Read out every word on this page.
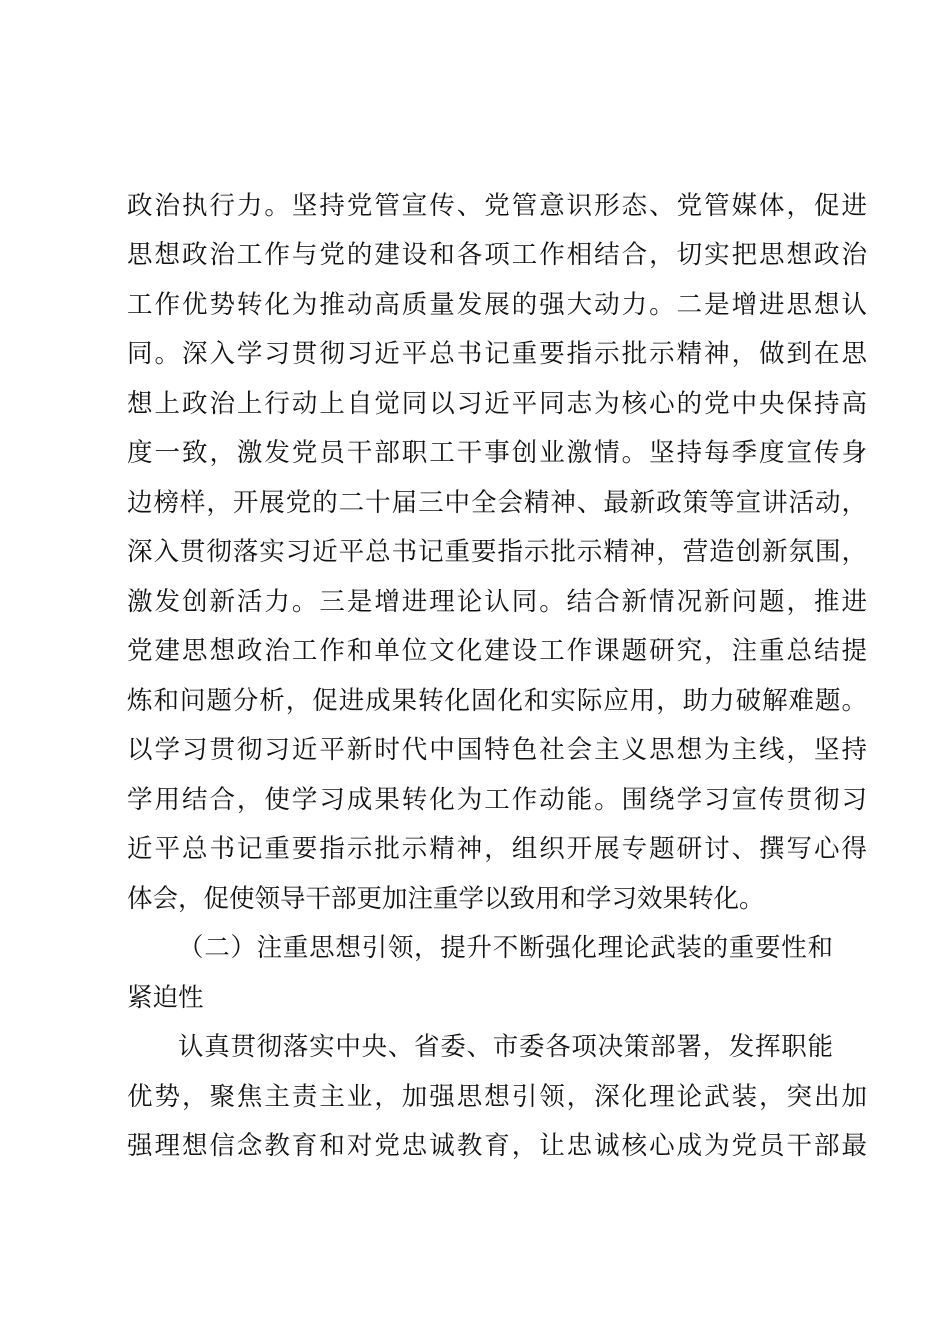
政治执行力。坚持党管宣传、党管意识形态、党管媒体，促进
思想政治工作与党的建设和各项工作相结合，切实把思想政治
工作优势转化为推动高质量发展的强大动力。二是增进思想认
同。深入学习贯彻习近平总书记重要指示批示精神，做到在思
想上政治上行动上自觉同以习近平同志为核心的党中央保持高
度一致，激发党员干部职工干事创业激情。坚持每季度宣传身
边榜样，开展党的二十届三中全会精神、最新政策等宣讲活动，
深入贯彻落实习近平总书记重要指示批示精神，营造创新氛围，
激发创新活力。三是增进理论认同。结合新情况新问题，推进
党建思想政治工作和单位文化建设工作课题研究，注重总结提
炼和问题分析，促进成果转化固化和实际应用，助力破解难题。
以学习贯彻习近平新时代中国特色社会主义思想为主线，坚持
学用结合，使学习成果转化为工作动能。围绕学习宣传贯彻习
近平总书记重要指示批示精神，组织开展专题研讨、撰写心得
体会，促使领导干部更加注重学以致用和学习效果转化。
（二）注重思想引领，提升不断强化理论武装的重要性和
紧迫性
认真贯彻落实中央、省委、市委各项决策部署，发挥职能
优势，聚焦主责主业，加强思想引领，深化理论武装，突出加
强理想信念教育和对党忠诚教育，让忠诚核心成为党员干部最
